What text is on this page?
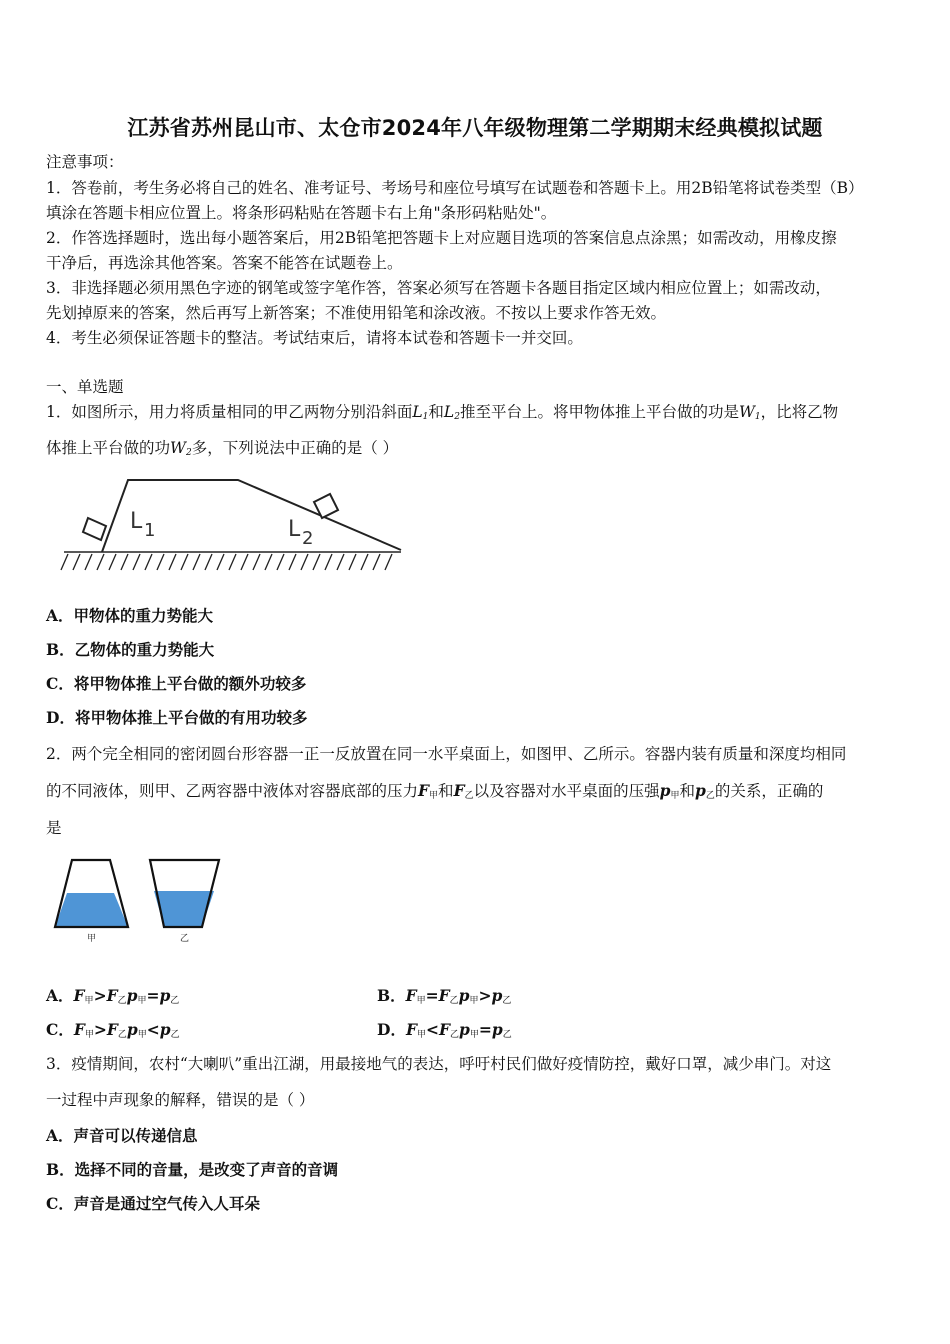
江苏省苏州昆山市、太仓市2024年八年级物理第二学期期末经典模拟试题
注意事项：
1．答卷前，考生务必将自己的姓名、准考证号、考场号和座位号填写在试题卷和答题卡上。用2B铅笔将试卷类型（B）
填涂在答题卡相应位置上。将条形码粘贴在答题卡右上角"条形码粘贴处"。
2．作答选择题时，选出每小题答案后，用2B铅笔把答题卡上对应题目选项的答案信息点涂黑；如需改动，用橡皮擦
干净后，再选涂其他答案。答案不能答在试题卷上。
3．非选择题必须用黑色字迹的钢笔或签字笔作答，答案必须写在答题卡各题目指定区域内相应位置上；如需改动，
先划掉原来的答案，然后再写上新答案；不准使用铅笔和涂改液。不按以上要求作答无效。
4．考生必须保证答题卡的整洁。考试结束后，请将本试卷和答题卡一并交回。
一、单选题
1．如图所示，用力将质量相同的甲乙两物分别沿斜面$L_1$和$L_2$推至平台上。将甲物体推上平台做的功是$W_1$，比将乙物
体推上平台做的功$W_2$多，下列说法中正确的是（ ）
L 1	L 2
A．甲物体的重力势能大
B．乙物体的重力势能大
C．将甲物体推上平台做的额外功较多
D．将甲物体推上平台做的有用功较多
2．两个完全相同的密闭圆台形容器一正一反放置在同一水平桌面上，如图甲、乙所示。容器内装有质量和深度均相同
的不同液体，则甲、乙两容器中液体对容器底部的压力$F_甲$和$F_乙$以及容器对水平桌面的压强$p_甲$和$p_乙$的关系，正确的
是
甲	乙
A．$F_甲>F_乙p_甲=p_乙$	B．$F_甲=F_乙p_甲>p_乙$
C．$F_甲>F_乙p_甲<p_乙$	D．$F_甲<F_乙p_甲=p_乙$
3．疫情期间，农村“大喇叭”重出江湖，用最接地气的表达，呼吁村民们做好疫情防控，戴好口罩，减少串门。对这
一过程中声现象的解释，错误的是（ ）
A．声音可以传递信息
B．选择不同的音量，是改变了声音的音调
C．声音是通过空气传入人耳朵
